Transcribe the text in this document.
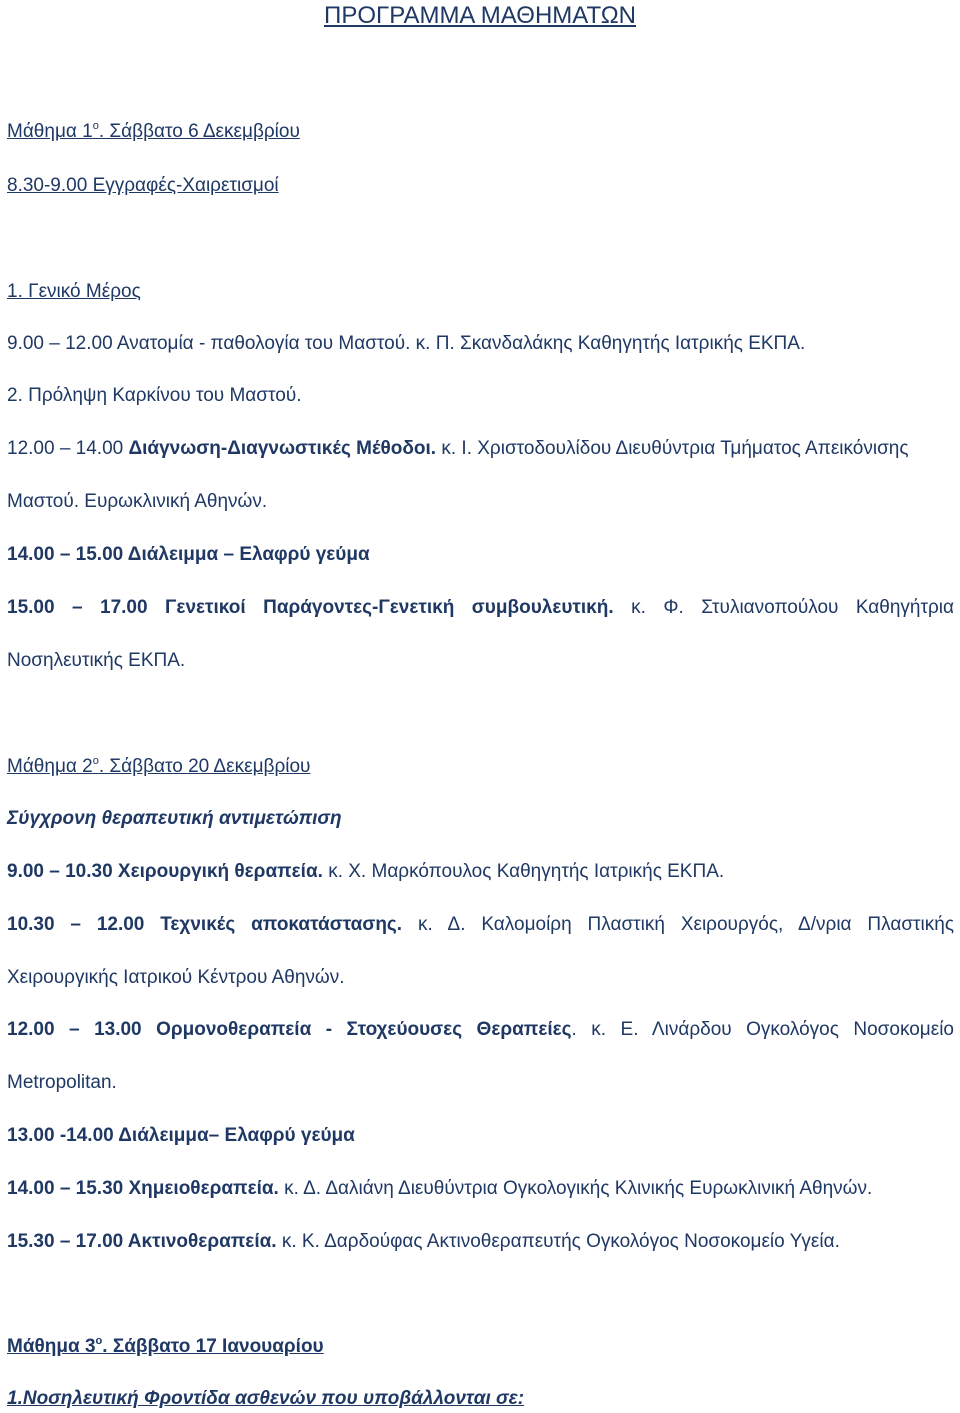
ΠΡΟΓΡΑΜΜΑ ΜΑΘΗΜΑΤΩΝ
Μάθημα $1^o$. Σάββατο 6 Δεκεμβρίου
8.30-9.00 Εγγραφές-Χαιρετισμοί
1. Γενικό Μέρος
9.00 – 12.00 Ανατομία - παθολογία του Μαστού. κ. Π. Σκανδαλάκης Καθηγητής Ιατρικής ΕΚΠΑ.
2. Πρόληψη Καρκίνου του Μαστού.
12.00 – 14.00 Διάγνωση-Διαγνωστικές Μέθοδοι. κ. Ι. Χριστοδουλίδου Διευθύντρια Τμήματος Απεικόνισης
Μαστού. Ευρωκλινική Αθηνών.
14.00 – 15.00 Διάλειμμα – Ελαφρύ γεύμα
15.00 – 17.00 Γενετικοί Παράγοντες-Γενετική συμβουλευτική. κ. Φ. Στυλιανοπούλου Καθηγήτρια
Νοσηλευτικής ΕΚΠΑ.
Μάθημα $2^o$. Σάββατο 20 Δεκεμβρίου
Σύγχρονη θεραπευτική αντιμετώπιση
9.00 – 10.30 Χειρουργική θεραπεία. κ. Χ. Μαρκόπουλος Καθηγητής Ιατρικής ΕΚΠΑ.
10.30 – 12.00 Τεχνικές αποκατάστασης. κ. Δ. Καλομοίρη Πλαστική Χειρουργός, Δ/νρια Πλαστικής
Χειρουργικής Ιατρικού Κέντρου Αθηνών.
12.00 – 13.00 Ορμονοθεραπεία - Στοχεύουσες Θεραπείες. κ. Ε. Λινάρδου Ογκολόγος Νοσοκομείο
Metropolitan.
13.00 -14.00 Διάλειμμα– Ελαφρύ γεύμα
14.00 – 15.30 Χημειοθεραπεία. κ. Δ. Δαλιάνη Διευθύντρια Ογκολογικής Κλινικής Ευρωκλινική Αθηνών.
15.30 – 17.00 Ακτινοθεραπεία. κ. Κ. Δαρδούφας Ακτινοθεραπευτής Ογκολόγος Νοσοκομείο Υγεία.
Μάθημα $3^o$. Σάββατο 17 Ιανουαρίου
1.Νοσηλευτική Φροντίδα ασθενών που υποβάλλονται σε:
